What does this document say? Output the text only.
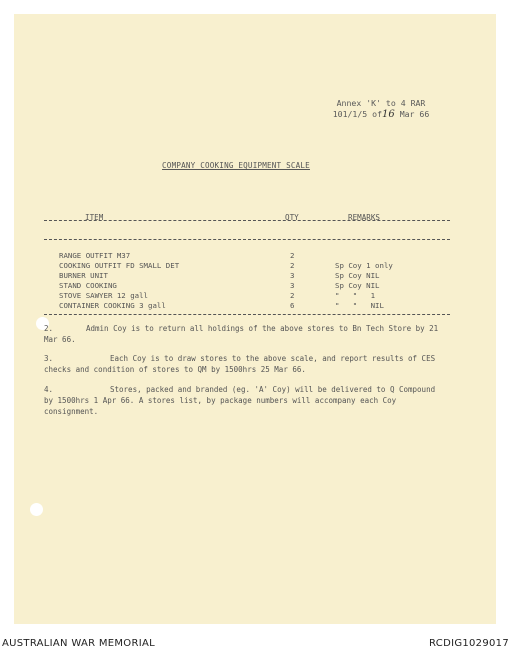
Annex 'K' to 4 RAR
101/1/5 of16 Mar 66
COMPANY COOKING EQUIPMENT SCALE
ITEM	QTY	REMARKS
RANGE OUTFIT M37	2
COOKING OUTFIT FD SMALL DET	2	Sp Coy 1 only
BURNER UNIT	3	Sp Coy NIL
STAND COOKING	3	Sp Coy NIL
STOVE SAWYER 12 gall	2	"   "   1
CONTAINER COOKING 3 gall	6	"   "   NIL
2.	Admin Coy is to return all holdings of the above stores to Bn Tech Store by 21 Mar 66.
3.	Each Coy is to draw stores to the above scale, and report results of CES checks and condition of stores to QM by 1500hrs 25 Mar 66.
4.	Stores, packed and branded (eg. 'A' Coy) will be delivered to Q Compound by 1500hrs 1 Apr 66. A stores list, by package numbers will accompany each Coy consignment.
AUSTRALIAN WAR MEMORIAL	RCDIG1029017
